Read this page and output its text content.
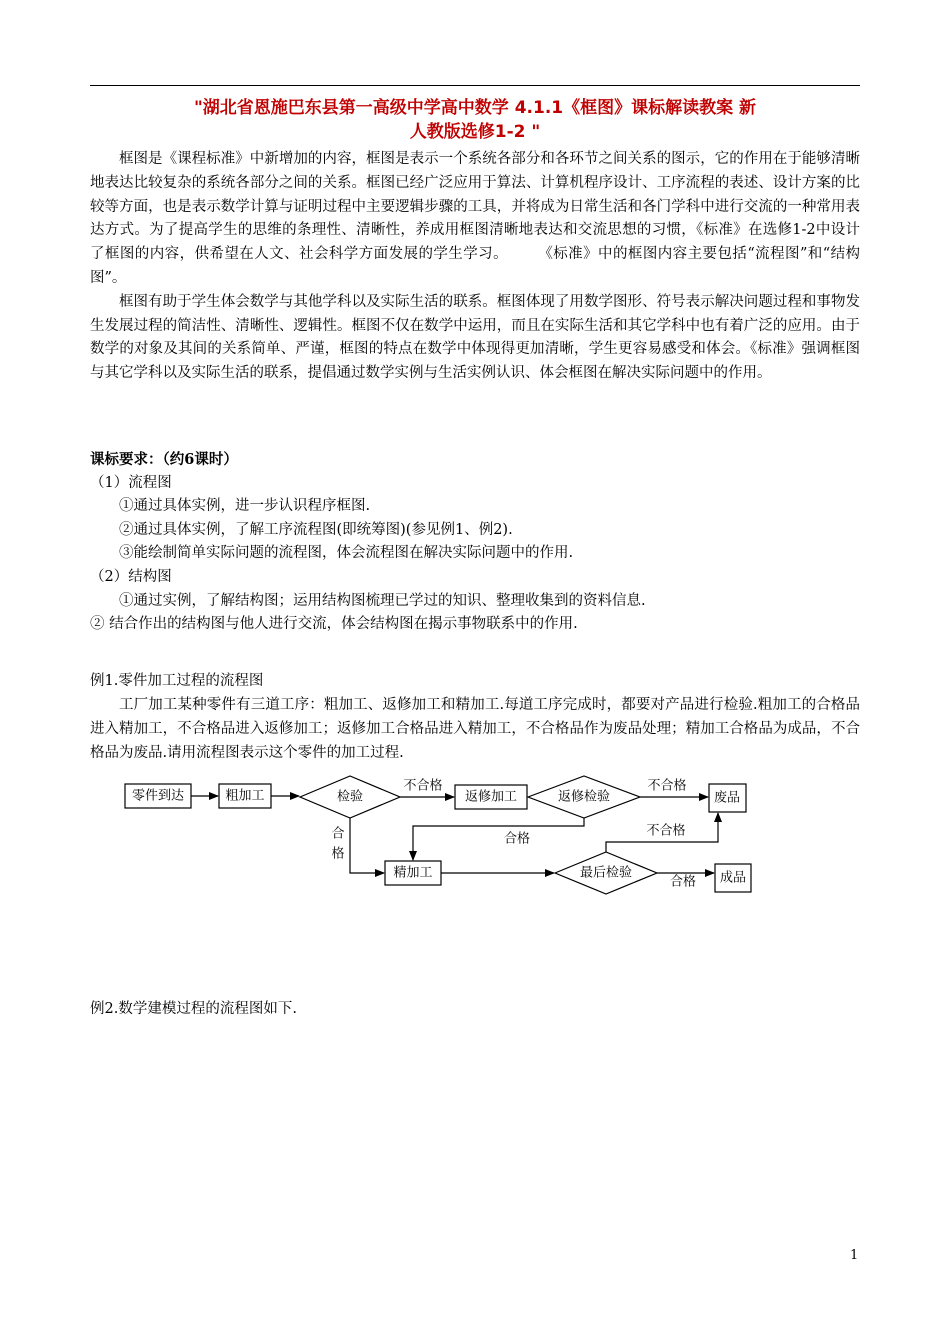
"湖北省恩施巴东县第一高级中学高中数学 4.1.1《框图》课标解读教案 新
人教版选修1-2 "

框图是《课程标准》中新增加的内容，框图是表示一个系统各部分和各环节之间关系的图示，它的作用在于能够清晰地表达比较复杂的系统各部分之间的关系。框图已经广泛应用于算法、计算机程序设计、工序流程的表述、设计方案的比较等方面，也是表示数学计算与证明过程中主要逻辑步骤的工具，并将成为日常生活和各门学科中进行交流的一种常用表达方式。为了提高学生的思维的条理性、清晰性，养成用框图清晰地表达和交流思想的习惯，《标准》在选修1-2中设计了框图的内容，供希望在人文、社会科学方面发展的学生学习。　　　《标准》中的框图内容主要包括“流程图”和“结构图”。

框图有助于学生体会数学与其他学科以及实际生活的联系。框图体现了用数学图形、符号表示解决问题过程和事物发生发展过程的简洁性、清晰性、逻辑性。框图不仅在数学中运用，而且在实际生活和其它学科中也有着广泛的应用。由于数学的对象及其间的关系简单、严谨，框图的特点在数学中体现得更加清晰，学生更容易感受和体会。《标准》强调框图与其它学科以及实际生活的联系，提倡通过数学实例与生活实例认识、体会框图在解决实际问题中的作用。

课标要求：（约6课时）
（1）流程图
①通过具体实例，进一步认识程序框图.
②通过具体实例，了解工序流程图(即统筹图)(参见例1、例2).
③能绘制简单实际问题的流程图，体会流程图在解决实际问题中的作用.
（2）结构图
①通过实例，了解结构图；运用结构图梳理已学过的知识、整理收集到的资料信息.
② 结合作出的结构图与他人进行交流，体会结构图在揭示事物联系中的作用.
例1.零件加工过程的流程图

工厂加工某种零件有三道工序：粗加工、返修加工和精加工.每道工序完成时，都要对产品进行检验.粗加工的合格品进入精加工，不合格品进入返修加工；返修加工合格品进入精加工，不合格品作为废品处理；精加工合格品为成品，不合格品为废品.请用流程图表示这个零件的加工过程.

零件到达	粗加工	检验	返修加工	返修检验	废品
精加工	最后检验	成品
不合格	不合格
合
格
合格
不合格
合格
例2.数学建模过程的流程图如下.
1
